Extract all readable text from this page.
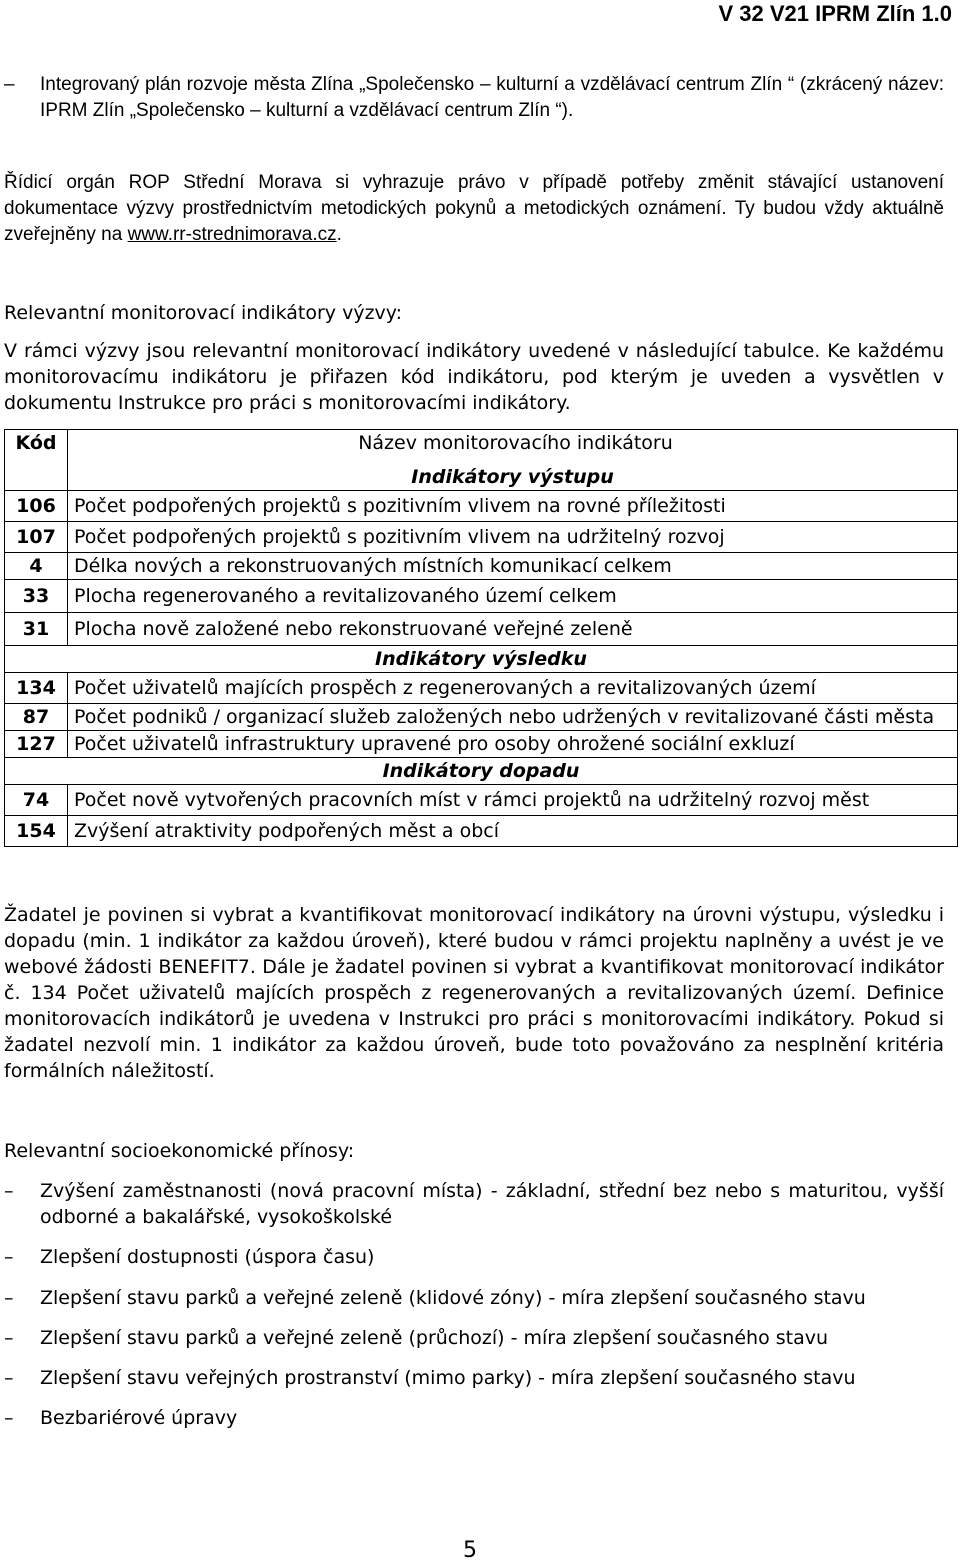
V 32 V21 IPRM Zlín 1.0
– Integrovaný plán rozvoje města Zlína „Společensko – kulturní a vzdělávací centrum Zlín “ (zkrácený název: IPRM Zlín „Společensko – kulturní a vzdělávací centrum Zlín “).
Řídicí orgán ROP Střední Morava si vyhrazuje právo v případě potřeby změnit stávající ustanovení dokumentace výzvy prostřednictvím metodických pokynů a metodických oznámení. Ty budou vždy aktuálně zveřejněny na www.rr-strednimorava.cz.
Relevantní monitorovací indikátory výzvy:
V rámci výzvy jsou relevantní monitorovací indikátory uvedené v následující tabulce. Ke každému monitorovacímu indikátoru je přiřazen kód indikátoru, pod kterým je uveden a vysvětlen v dokumentu Instrukce pro práci s monitorovacími indikátory.
Kód	Název monitorovacího indikátoru
	Indikátory výstupu
106	Počet podpořených projektů s pozitivním vlivem na rovné příležitosti
107	Počet podpořených projektů s pozitivním vlivem na udržitelný rozvoj
4	Délka nových a rekonstruovaných místních komunikací celkem
33	Plocha regenerovaného a revitalizovaného území celkem
31	Plocha nově založené nebo rekonstruované veřejné zeleně
Indikátory výsledku	
134	Počet uživatelů majících prospěch z regenerovaných a revitalizovaných území
87	Počet podniků / organizací služeb založených nebo udržených v revitalizované části města
127	Počet uživatelů infrastruktury upravené pro osoby ohrožené sociální exkluzí
Indikátory dopadu	
74	Počet nově vytvořených pracovních míst v rámci projektů na udržitelný rozvoj měst
154	Zvýšení atraktivity podpořených měst a obcí
Žadatel je povinen si vybrat a kvantifikovat monitorovací indikátory na úrovni výstupu, výsledku i dopadu (min. 1 indikátor za každou úroveň), které budou v rámci projektu naplněny a uvést je ve webové žádosti BENEFIT7. Dále je žadatel povinen si vybrat a kvantifikovat monitorovací indikátor č. 134 Počet uživatelů majících prospěch z regenerovaných a revitalizovaných území. Definice monitorovacích indikátorů je uvedena v Instrukci pro práci s monitorovacími indikátory. Pokud si žadatel nezvolí min. 1 indikátor za každou úroveň, bude toto považováno za nesplnění kritéria formálních náležitostí.
Relevantní socioekonomické přínosy:
– Zvýšení zaměstnanosti (nová pracovní místa) - základní, střední bez nebo s maturitou, vyšší odborné a bakalářské, vysokoškolské
– Zlepšení dostupnosti (úspora času)
– Zlepšení stavu parků a veřejné zeleně (klidové zóny) - míra zlepšení současného stavu
– Zlepšení stavu parků a veřejné zeleně (průchozí) - míra zlepšení současného stavu
– Zlepšení stavu veřejných prostranství (mimo parky) - míra zlepšení současného stavu
– Bezbariérové úpravy
5
